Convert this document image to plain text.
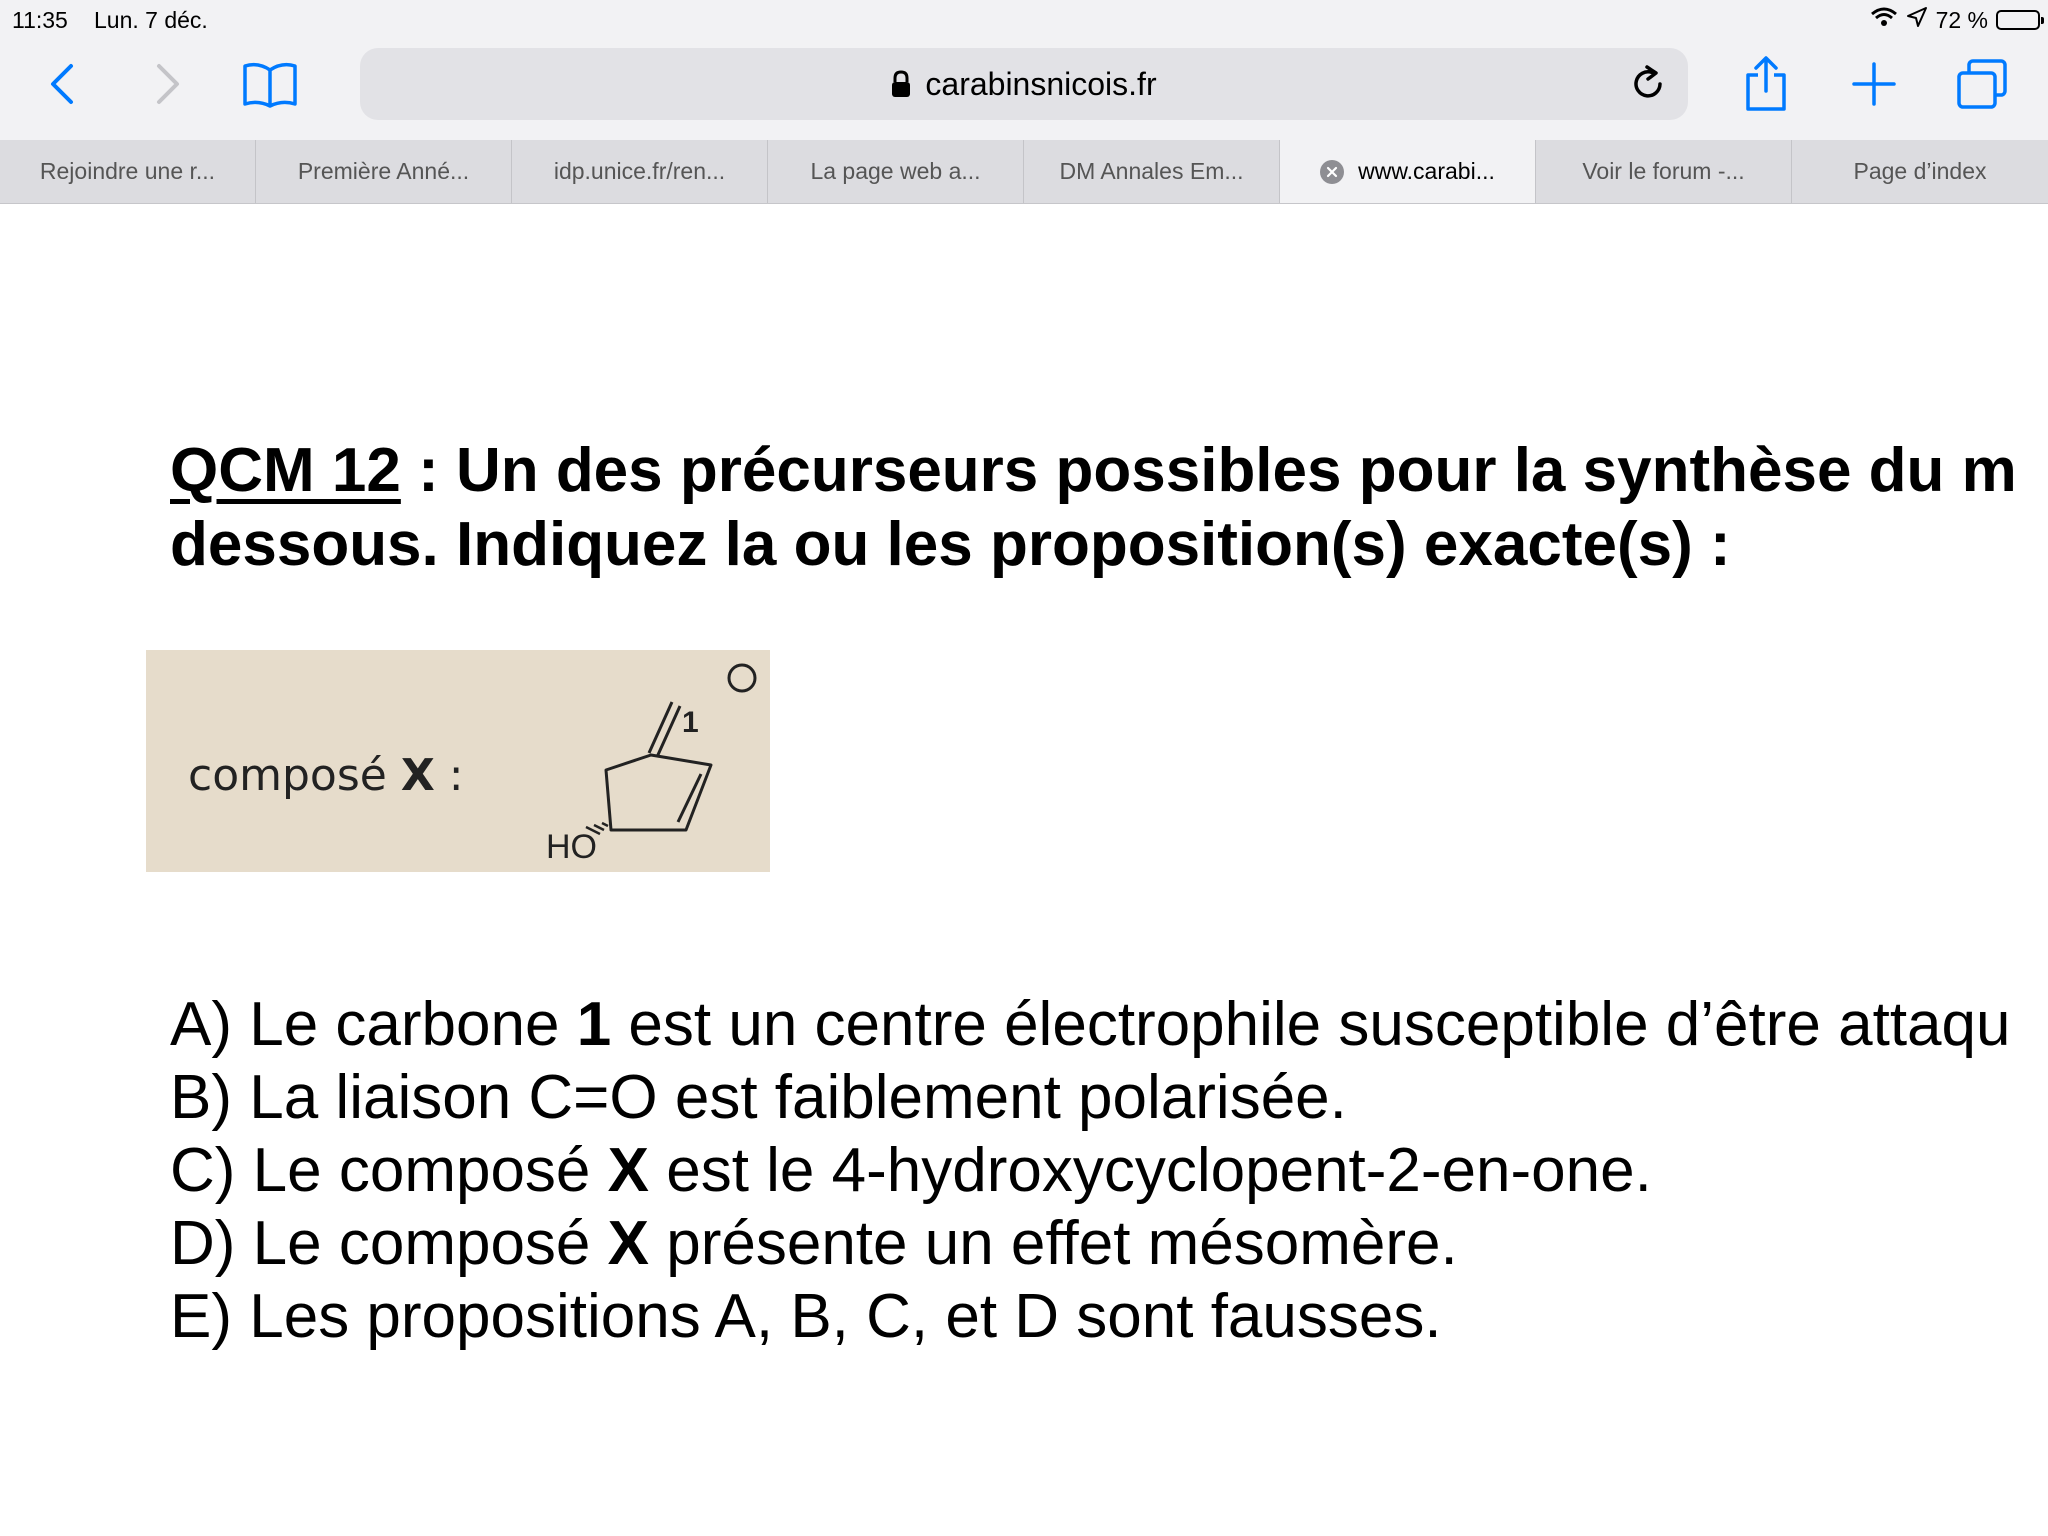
11:35 Lun. 7 déc.	72 %
carabinsnicois.fr
Rejoindre une r...	Première Anné...	idp.unice.fr/ren...	La page web a...	DM Annales Em...	www.carabi...	Voir le forum -...	Page d’index
QCM 12 : Un des précurseurs possibles pour la synthèse du m
dessous. Indiquez la ou les proposition(s) exacte(s) :
composé X :
1
HO
A) Le carbone 1 est un centre électrophile susceptible d’être attaqu
B) La liaison C=O est faiblement polarisée.
C) Le composé X est le 4-hydroxycyclopent-2-en-one.
D) Le composé X présente un effet mésomère.
E) Les propositions A, B, C, et D sont fausses.
